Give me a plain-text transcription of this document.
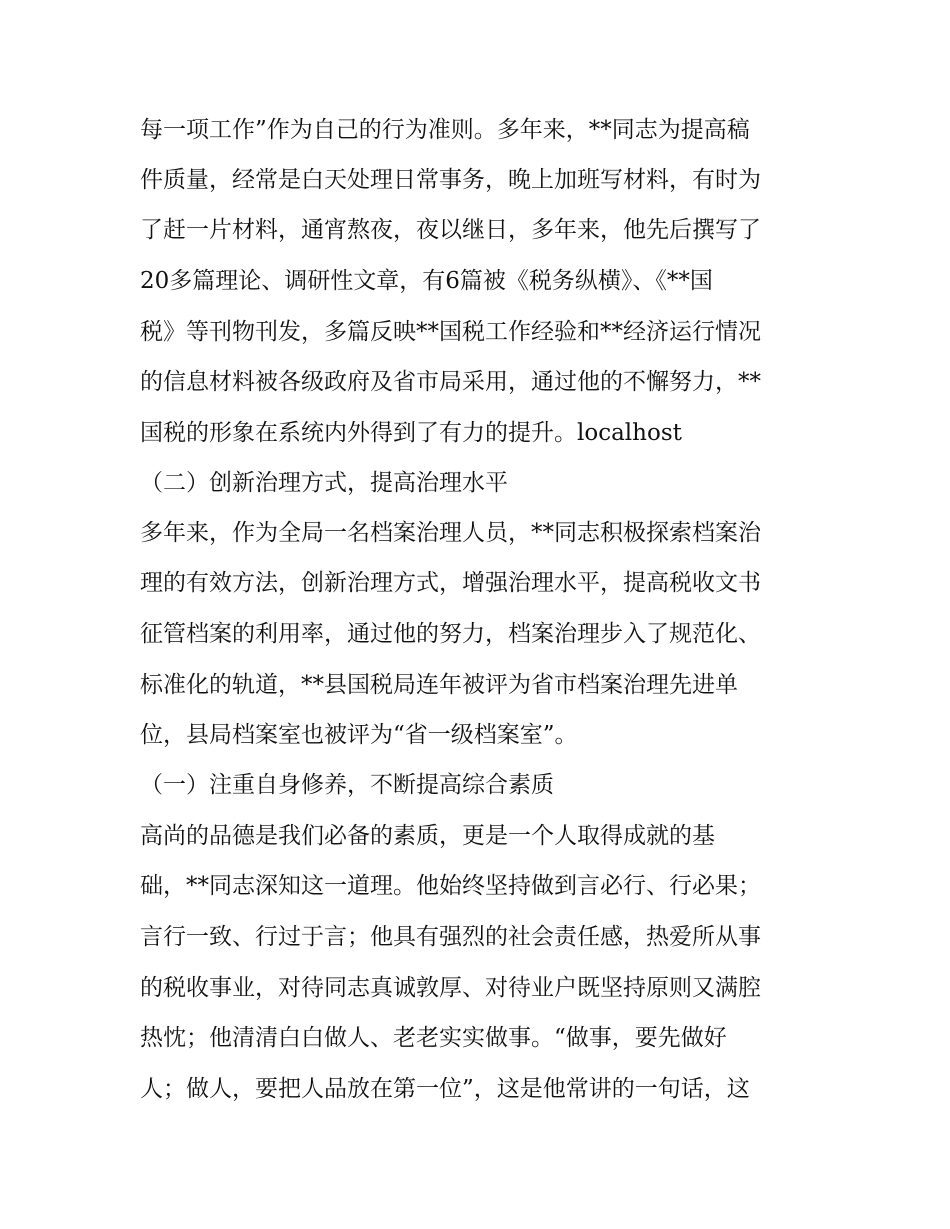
每一项工作”作为自己的行为准则。多年来，**同志为提高稿
件质量，经常是白天处理日常事务，晚上加班写材料，有时为
了赶一片材料，通宵熬夜，夜以继日，多年来，他先后撰写了
20多篇理论、调研性文章，有6篇被《税务纵横》、《**国
税》等刊物刊发，多篇反映**国税工作经验和**经济运行情况
的信息材料被各级政府及省市局采用，通过他的不懈努力，**
国税的形象在系统内外得到了有力的提升。localhost
（二）创新治理方式，提高治理水平
多年来，作为全局一名档案治理人员，**同志积极探索档案治
理的有效方法，创新治理方式，增强治理水平，提高税收文书
征管档案的利用率，通过他的努力，档案治理步入了规范化、
标准化的轨道，**县国税局连年被评为省市档案治理先进单
位，县局档案室也被评为“省一级档案室”。
（一）注重自身修养，不断提高综合素质
高尚的品德是我们必备的素质，更是一个人取得成就的基
础，**同志深知这一道理。他始终坚持做到言必行、行必果；
言行一致、行过于言；他具有强烈的社会责任感，热爱所从事
的税收事业，对待同志真诚敦厚、对待业户既坚持原则又满腔
热忱；他清清白白做人、老老实实做事。“做事，要先做好
人；做人，要把人品放在第一位”，这是他常讲的一句话，这
